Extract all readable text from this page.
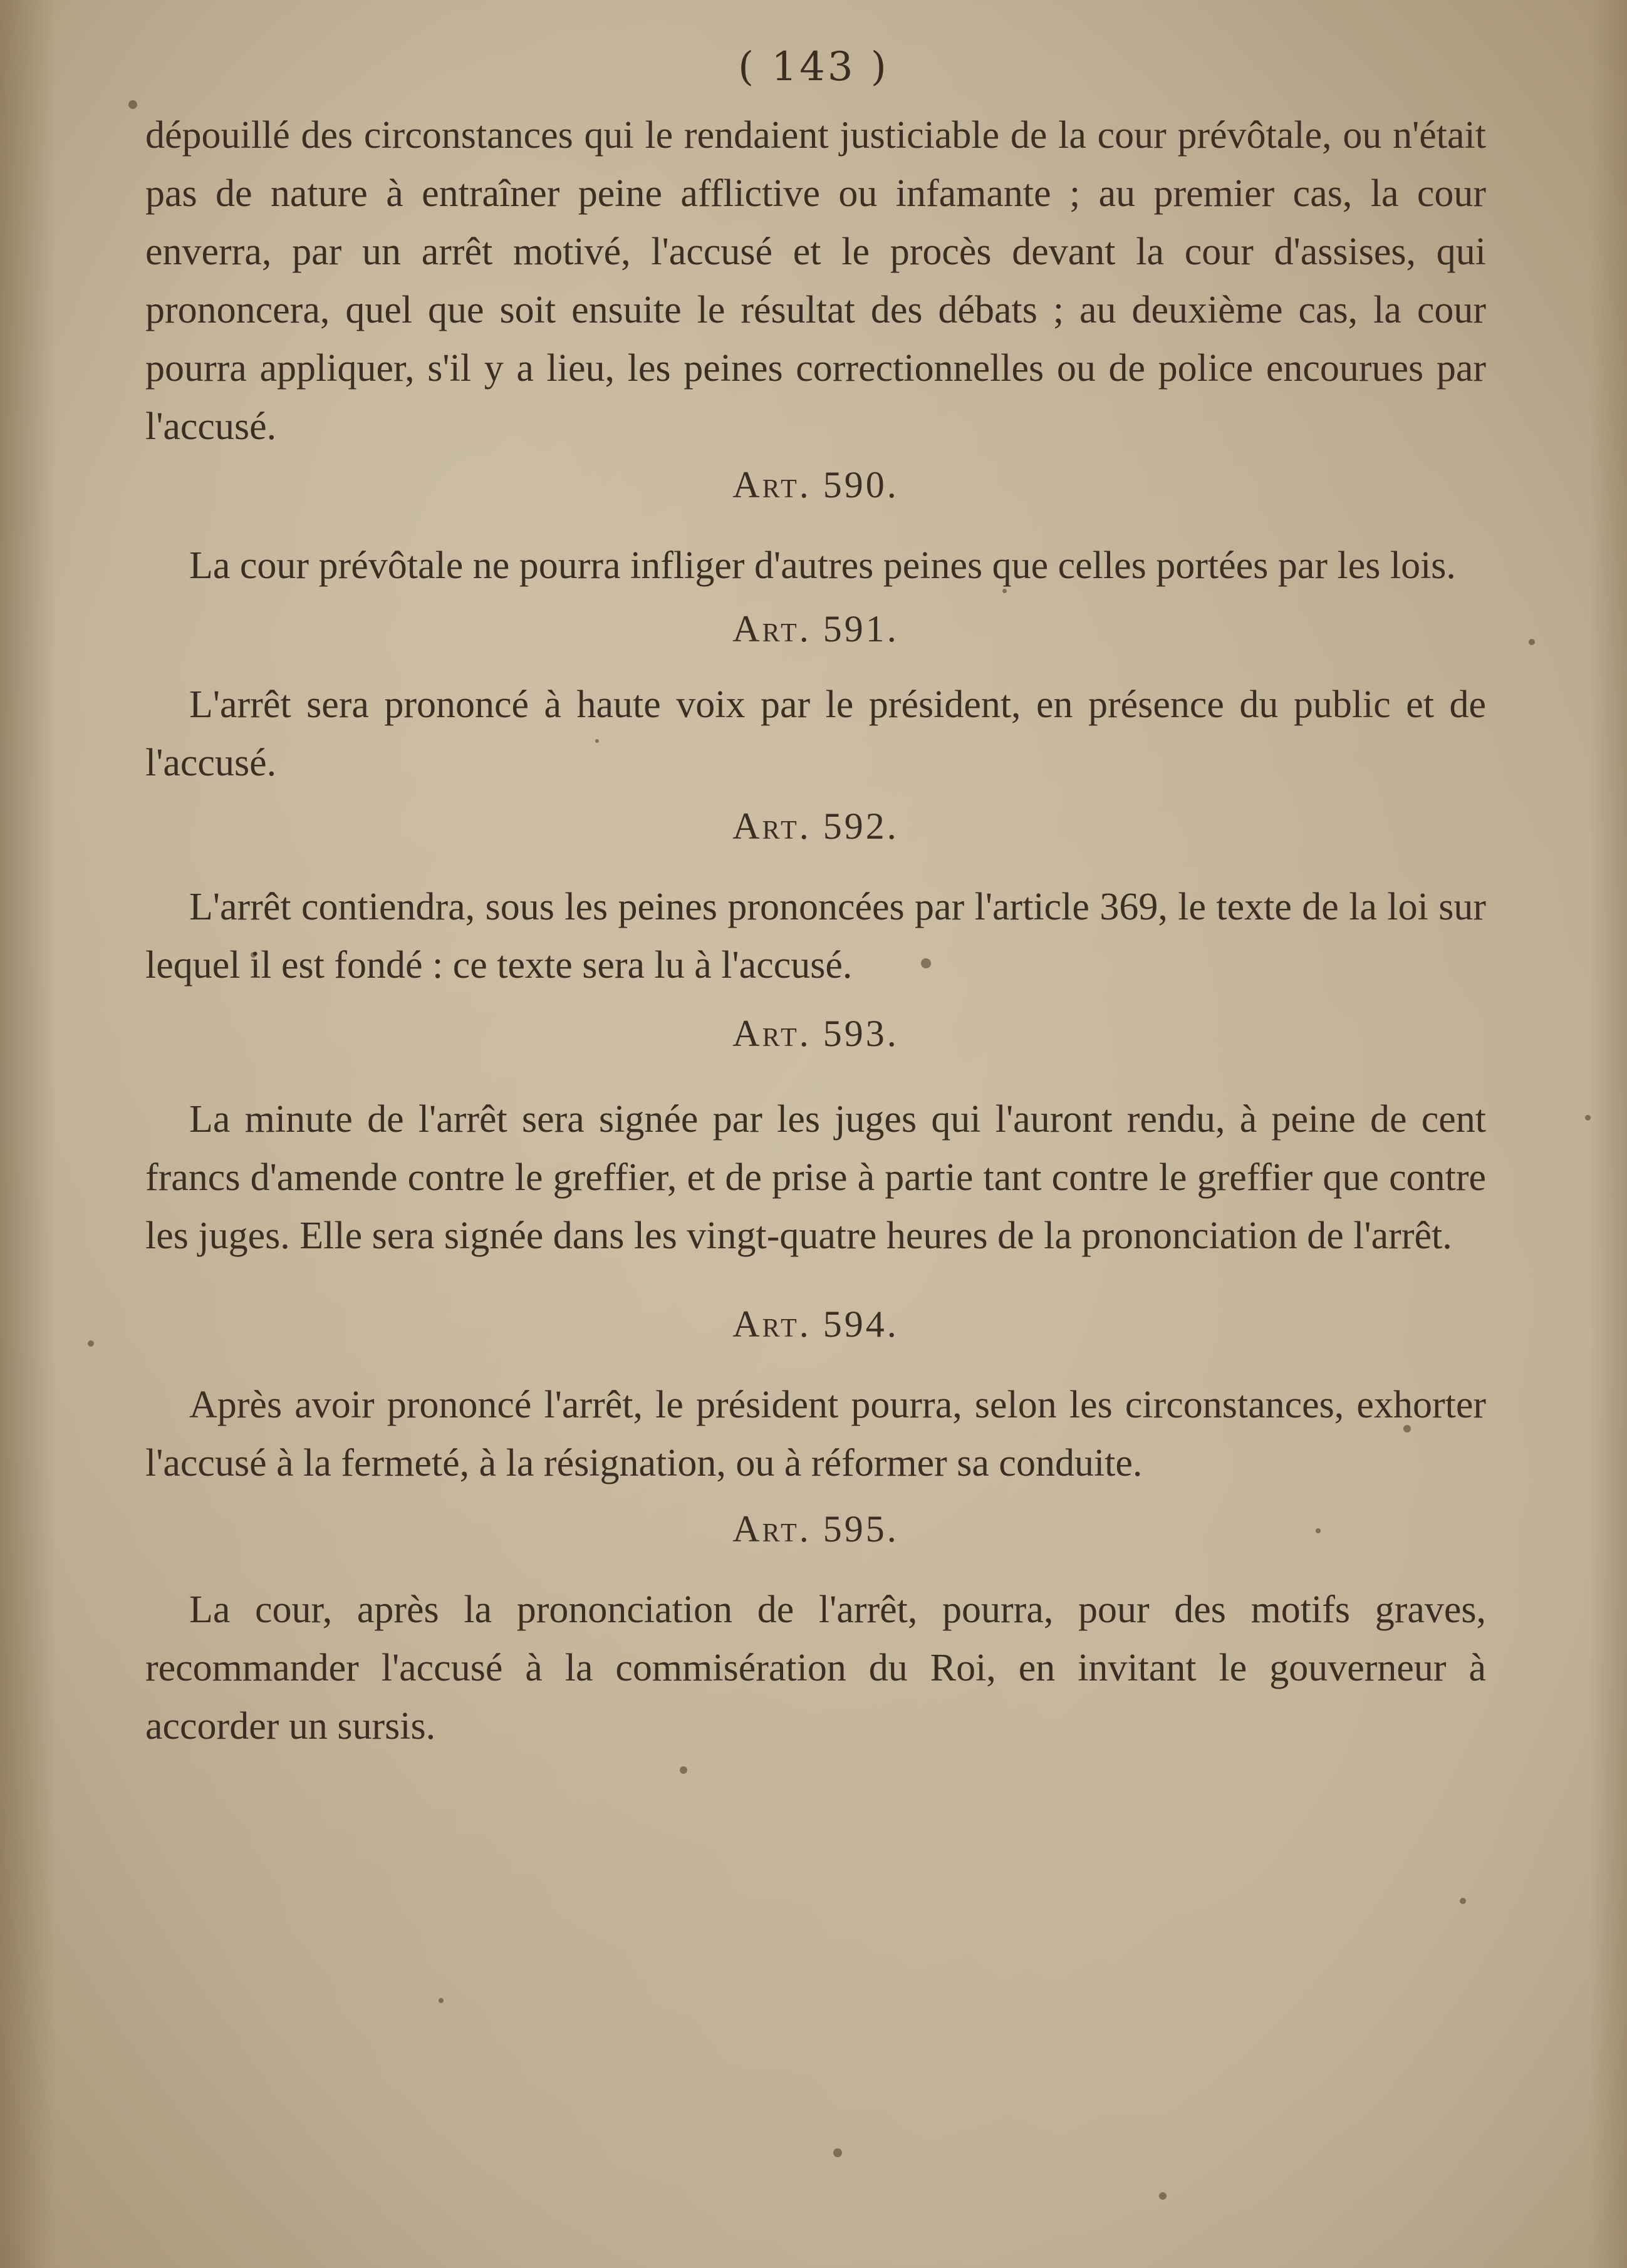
( 143 )

dépouillé des circonstances qui le rendaient justiciable de la cour prévôtale, ou n'était pas de nature à entraîner peine afflictive ou infamante ; au premier cas, la cour enverra, par un arrêt motivé, l'accusé et le procès devant la cour d'assises, qui prononcera, quel que soit ensuite le résultat des débats ; au deuxième cas, la cour pourra appliquer, s'il y a lieu, les peines correctionnelles ou de police encourues par l'accusé.

Art. 590.

La cour prévôtale ne pourra infliger d'autres peines que celles portées par les lois.

Art. 591.

L'arrêt sera prononcé à haute voix par le président, en présence du public et de l'accusé.

Art. 592.

L'arrêt contiendra, sous les peines prononcées par l'article 369, le texte de la loi sur lequel il est fondé : ce texte sera lu à l'accusé.

Art. 593.

La minute de l'arrêt sera signée par les juges qui l'auront rendu, à peine de cent francs d'amende contre le greffier, et de prise à partie tant contre le greffier que contre les juges. Elle sera signée dans les vingt-quatre heures de la prononciation de l'arrêt.

Art. 594.

Après avoir prononcé l'arrêt, le président pourra, selon les circonstances, exhorter l'accusé à la fermeté, à la résignation, ou à réformer sa conduite.

Art. 595.

La cour, après la prononciation de l'arrêt, pourra, pour des motifs graves, recommander l'accusé à la commisération du Roi, en invitant le gouverneur à accorder un sursis.
